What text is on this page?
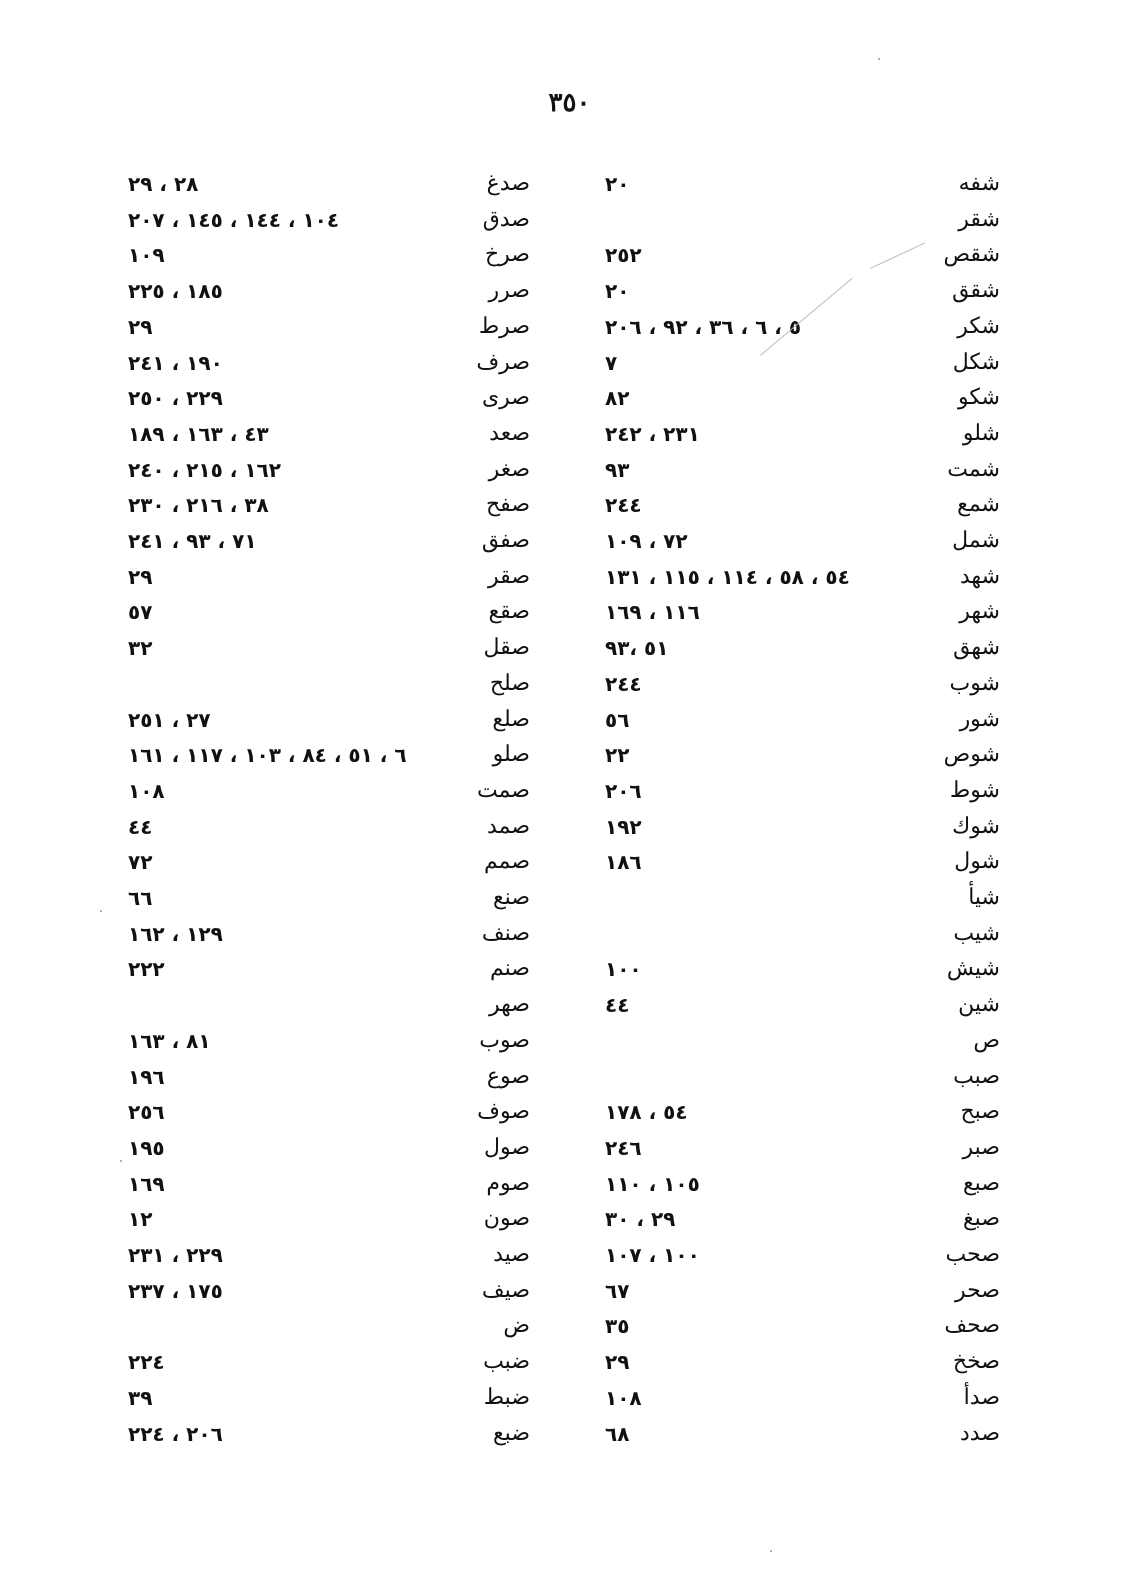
٣٥٠
شفه
شقر
شقص
شقق
شكر
شكل
شكو
شلو
شمت
شمع
شمل
شهد
شهر
شهق
شوب
شور
شوص
شوط
شوك
شول
شيأ
شيب
شيش
شين
ص
صبب
صبح
صبر
صبع
صبغ
صحب
صحر
صحف
صخخ
صدأ
صدد
٢٠
٢٥٢
٢٠
٥ ، ٦ ، ٣٦ ، ٩٢ ، ٢٠٦
٧
٨٢
٢٣١ ، ٢٤٢
٩٣
٢٤٤
٧٢ ، ١٠٩
٥٤ ، ٥٨ ، ١١٤ ، ١١٥ ، ١٣١
١١٦ ، ١٦٩
٥١ ،٩٣
٢٤٤
٥٦
٢٢
٢٠٦
١٩٢
١٨٦
١٠٠
٤٤
٥٤ ، ١٧٨
٢٤٦
١٠٥ ، ١١٠
٢٩ ، ٣٠
١٠٠ ، ١٠٧
٦٧
٣٥
٢٩
١٠٨
٦٨
صدغ
صدق
صرخ
صرر
صرط
صرف
صرى
صعد
صغر
صفح
صفق
صقر
صقع
صقل
صلح
صلع
صلو
صمت
صمد
صمم
صنع
صنف
صنم
صهر
صوب
صوع
صوف
صول
صوم
صون
صيد
صيف
ض
ضبب
ضبط
ضبع
٢٨ ، ٢٩
١٠٤ ، ١٤٤ ، ١٤٥ ، ٢٠٧
١٠٩
١٨٥ ، ٢٢٥
٢٩
١٩٠ ، ٢٤١
٢٢٩ ، ٢٥٠
٤٣ ، ١٦٣ ، ١٨٩
١٦٢ ، ٢١٥ ، ٢٤٠
٣٨ ، ٢١٦ ، ٢٣٠
٧١ ، ٩٣ ، ٢٤١
٢٩
٥٧
٣٢
٢٧ ، ٢٥١
٦ ، ٥١ ، ٨٤ ، ١٠٣ ، ١١٧ ، ١٦١
١٠٨
٤٤
٧٢
٦٦
١٢٩ ، ١٦٢
٢٢٢
٨١ ، ١٦٣
١٩٦
٢٥٦
١٩٥
١٦٩
١٢
٢٢٩ ، ٢٣١
١٧٥ ، ٢٣٧
٢٢٤
٣٩
٢٠٦ ، ٢٢٤
